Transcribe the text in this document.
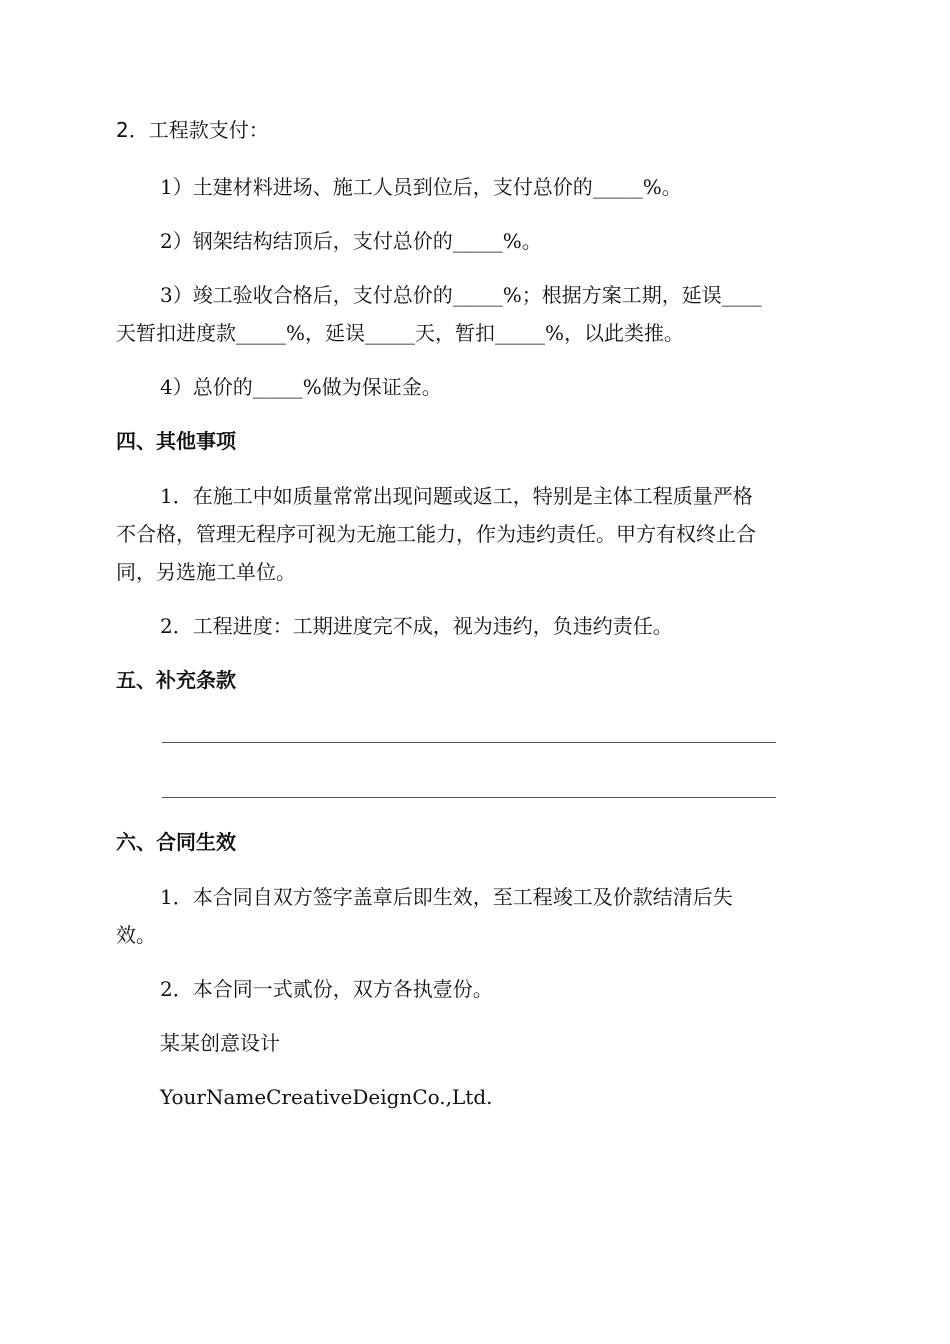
2．工程款支付：
1）土建材料进场、施工人员到位后，支付总价的_____%。
2）钢架结构结顶后，支付总价的_____%。
3）竣工验收合格后，支付总价的_____%；根据方案工期，延误____
天暂扣进度款_____%，延误_____天，暂扣_____%，以此类推。
4）总价的_____%做为保证金。
四、其他事项
1．在施工中如质量常常出现问题或返工，特别是主体工程质量严格
不合格，管理无程序可视为无施工能力，作为违约责任。甲方有权终止合
同，另选施工单位。
2．工程进度：工期进度完不成，视为违约，负违约责任。
五、补充条款
六、合同生效
1．本合同自双方签字盖章后即生效，至工程竣工及价款结清后失
效。
2．本合同一式贰份，双方各执壹份。
某某创意设计
YourNameCreativeDeignCo.,Ltd.
